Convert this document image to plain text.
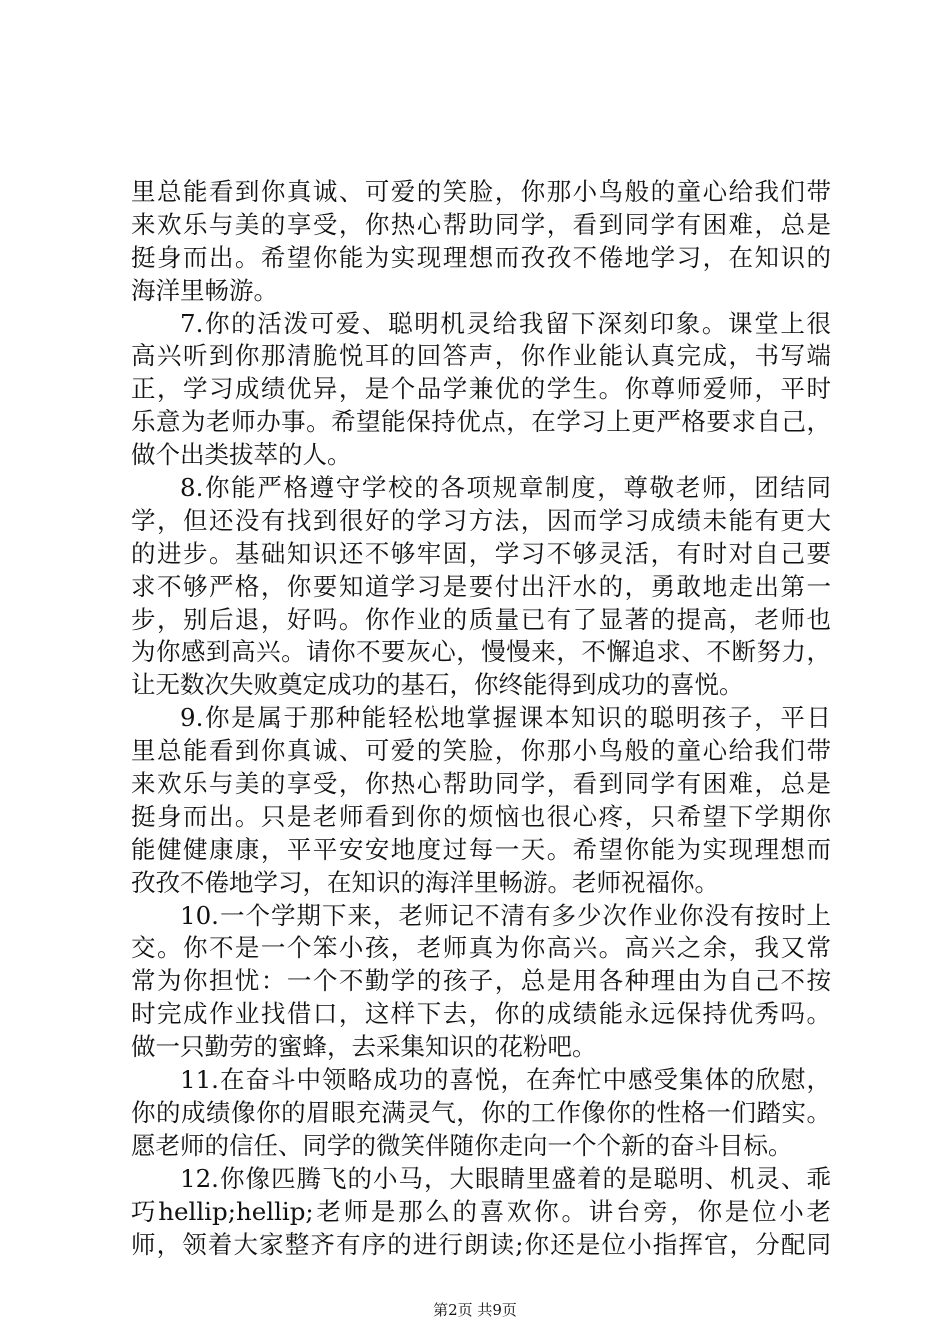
里总能看到你真诚、可爱的笑脸，你那小鸟般的童心给我们带
来欢乐与美的享受，你热心帮助同学，看到同学有困难，总是
挺身而出。希望你能为实现理想而孜孜不倦地学习，在知识的
海洋里畅游。
7.你的活泼可爱、聪明机灵给我留下深刻印象。课堂上很
高兴听到你那清脆悦耳的回答声，你作业能认真完成，书写端
正，学习成绩优异，是个品学兼优的学生。你尊师爱师，平时
乐意为老师办事。希望能保持优点，在学习上更严格要求自己，
做个出类拔萃的人。
8.你能严格遵守学校的各项规章制度，尊敬老师，团结同
学，但还没有找到很好的学习方法，因而学习成绩未能有更大
的进步。基础知识还不够牢固，学习不够灵活，有时对自己要
求不够严格，你要知道学习是要付出汗水的，勇敢地走出第一
步，别后退，好吗。你作业的质量已有了显著的提高，老师也
为你感到高兴。请你不要灰心，慢慢来，不懈追求、不断努力，
让无数次失败奠定成功的基石，你终能得到成功的喜悦。
9.你是属于那种能轻松地掌握课本知识的聪明孩子，平日
里总能看到你真诚、可爱的笑脸，你那小鸟般的童心给我们带
来欢乐与美的享受，你热心帮助同学，看到同学有困难，总是
挺身而出。只是老师看到你的烦恼也很心疼，只希望下学期你
能健健康康，平平安安地度过每一天。希望你能为实现理想而
孜孜不倦地学习，在知识的海洋里畅游。老师祝福你。
10.一个学期下来，老师记不清有多少次作业你没有按时上
交。你不是一个笨小孩，老师真为你高兴。高兴之余，我又常
常为你担忧：一个不勤学的孩子，总是用各种理由为自己不按
时完成作业找借口，这样下去，你的成绩能永远保持优秀吗。
做一只勤劳的蜜蜂，去采集知识的花粉吧。
11.在奋斗中领略成功的喜悦，在奔忙中感受集体的欣慰，
你的成绩像你的眉眼充满灵气，你的工作像你的性格一们踏实。
愿老师的信任、同学的微笑伴随你走向一个个新的奋斗目标。
12.你像匹腾飞的小马，大眼睛里盛着的是聪明、机灵、乖
巧hellip;hellip;老师是那么的喜欢你。讲台旁，你是位小老
师，领着大家整齐有序的进行朗读;你还是位小指挥官，分配同
第2页 共9页
